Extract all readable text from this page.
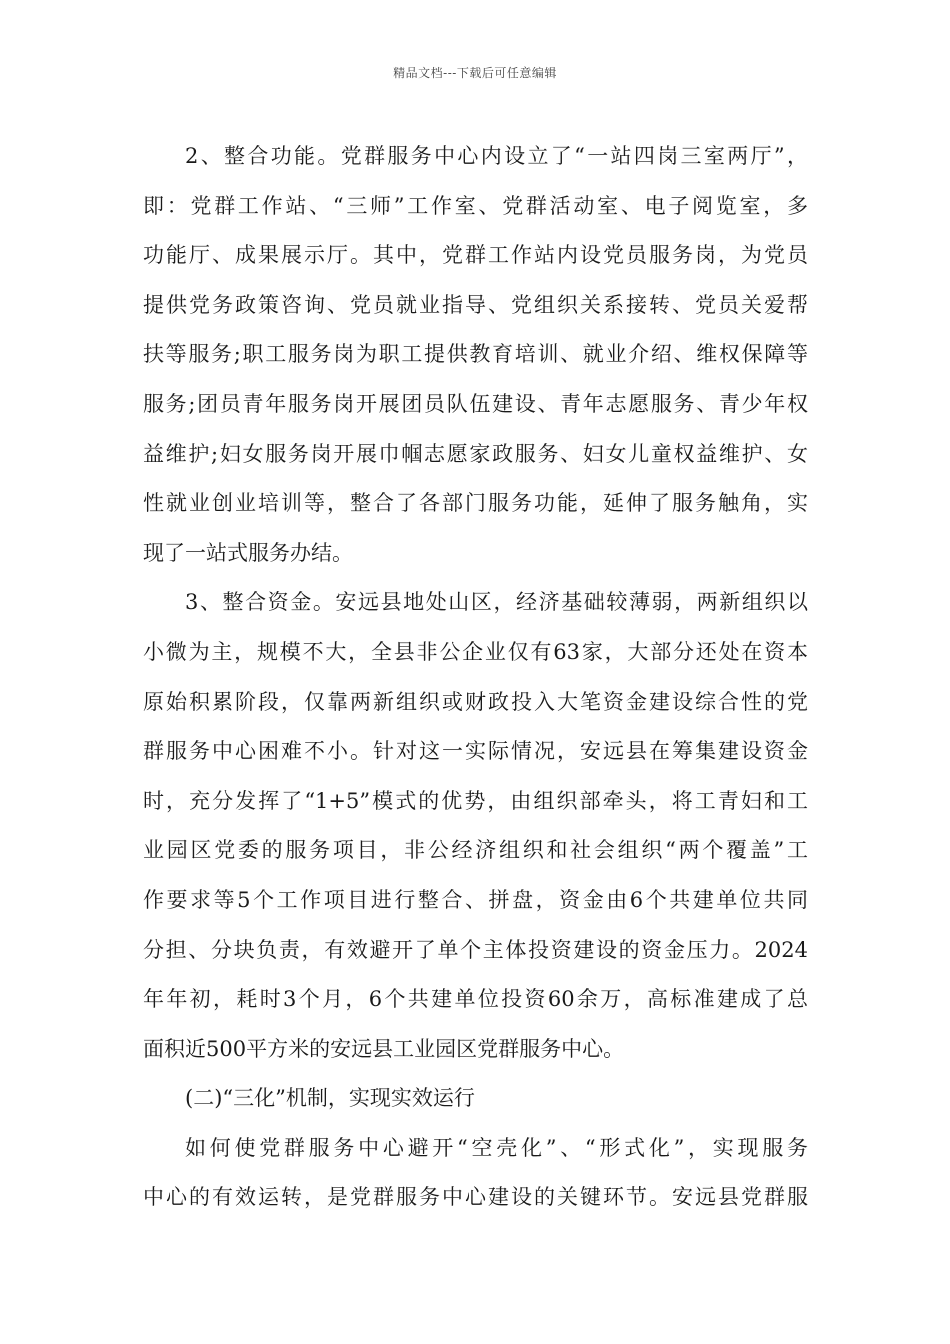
精品文档---下载后可任意编辑
2、整合功能。党群服务中心内设立了“一站四岗三室两厅”，
即：党群工作站、“三师”工作室、党群活动室、电子阅览室，多
功能厅、成果展示厅。其中，党群工作站内设党员服务岗，为党员
提供党务政策咨询、党员就业指导、党组织关系接转、党员关爱帮
扶等服务;职工服务岗为职工提供教育培训、就业介绍、维权保障等
服务;团员青年服务岗开展团员队伍建设、青年志愿服务、青少年权
益维护;妇女服务岗开展巾帼志愿家政服务、妇女儿童权益维护、女
性就业创业培训等，整合了各部门服务功能，延伸了服务触角，实
现了一站式服务办结。
3、整合资金。安远县地处山区，经济基础较薄弱，两新组织以
小微为主，规模不大，全县非公企业仅有63家，大部分还处在资本
原始积累阶段，仅靠两新组织或财政投入大笔资金建设综合性的党
群服务中心困难不小。针对这一实际情况，安远县在筹集建设资金
时，充分发挥了“1+5”模式的优势，由组织部牵头，将工青妇和工
业园区党委的服务项目，非公经济组织和社会组织“两个覆盖”工
作要求等5个工作项目进行整合、拼盘，资金由6个共建单位共同
分担、分块负责，有效避开了单个主体投资建设的资金压力。2024
年年初，耗时3个月，6个共建单位投资60余万，高标准建成了总
面积近500平方米的安远县工业园区党群服务中心。
(二)“三化”机制，实现实效运行
如何使党群服务中心避开“空壳化”、“形式化”，实现服务
中心的有效运转，是党群服务中心建设的关键环节。安远县党群服
